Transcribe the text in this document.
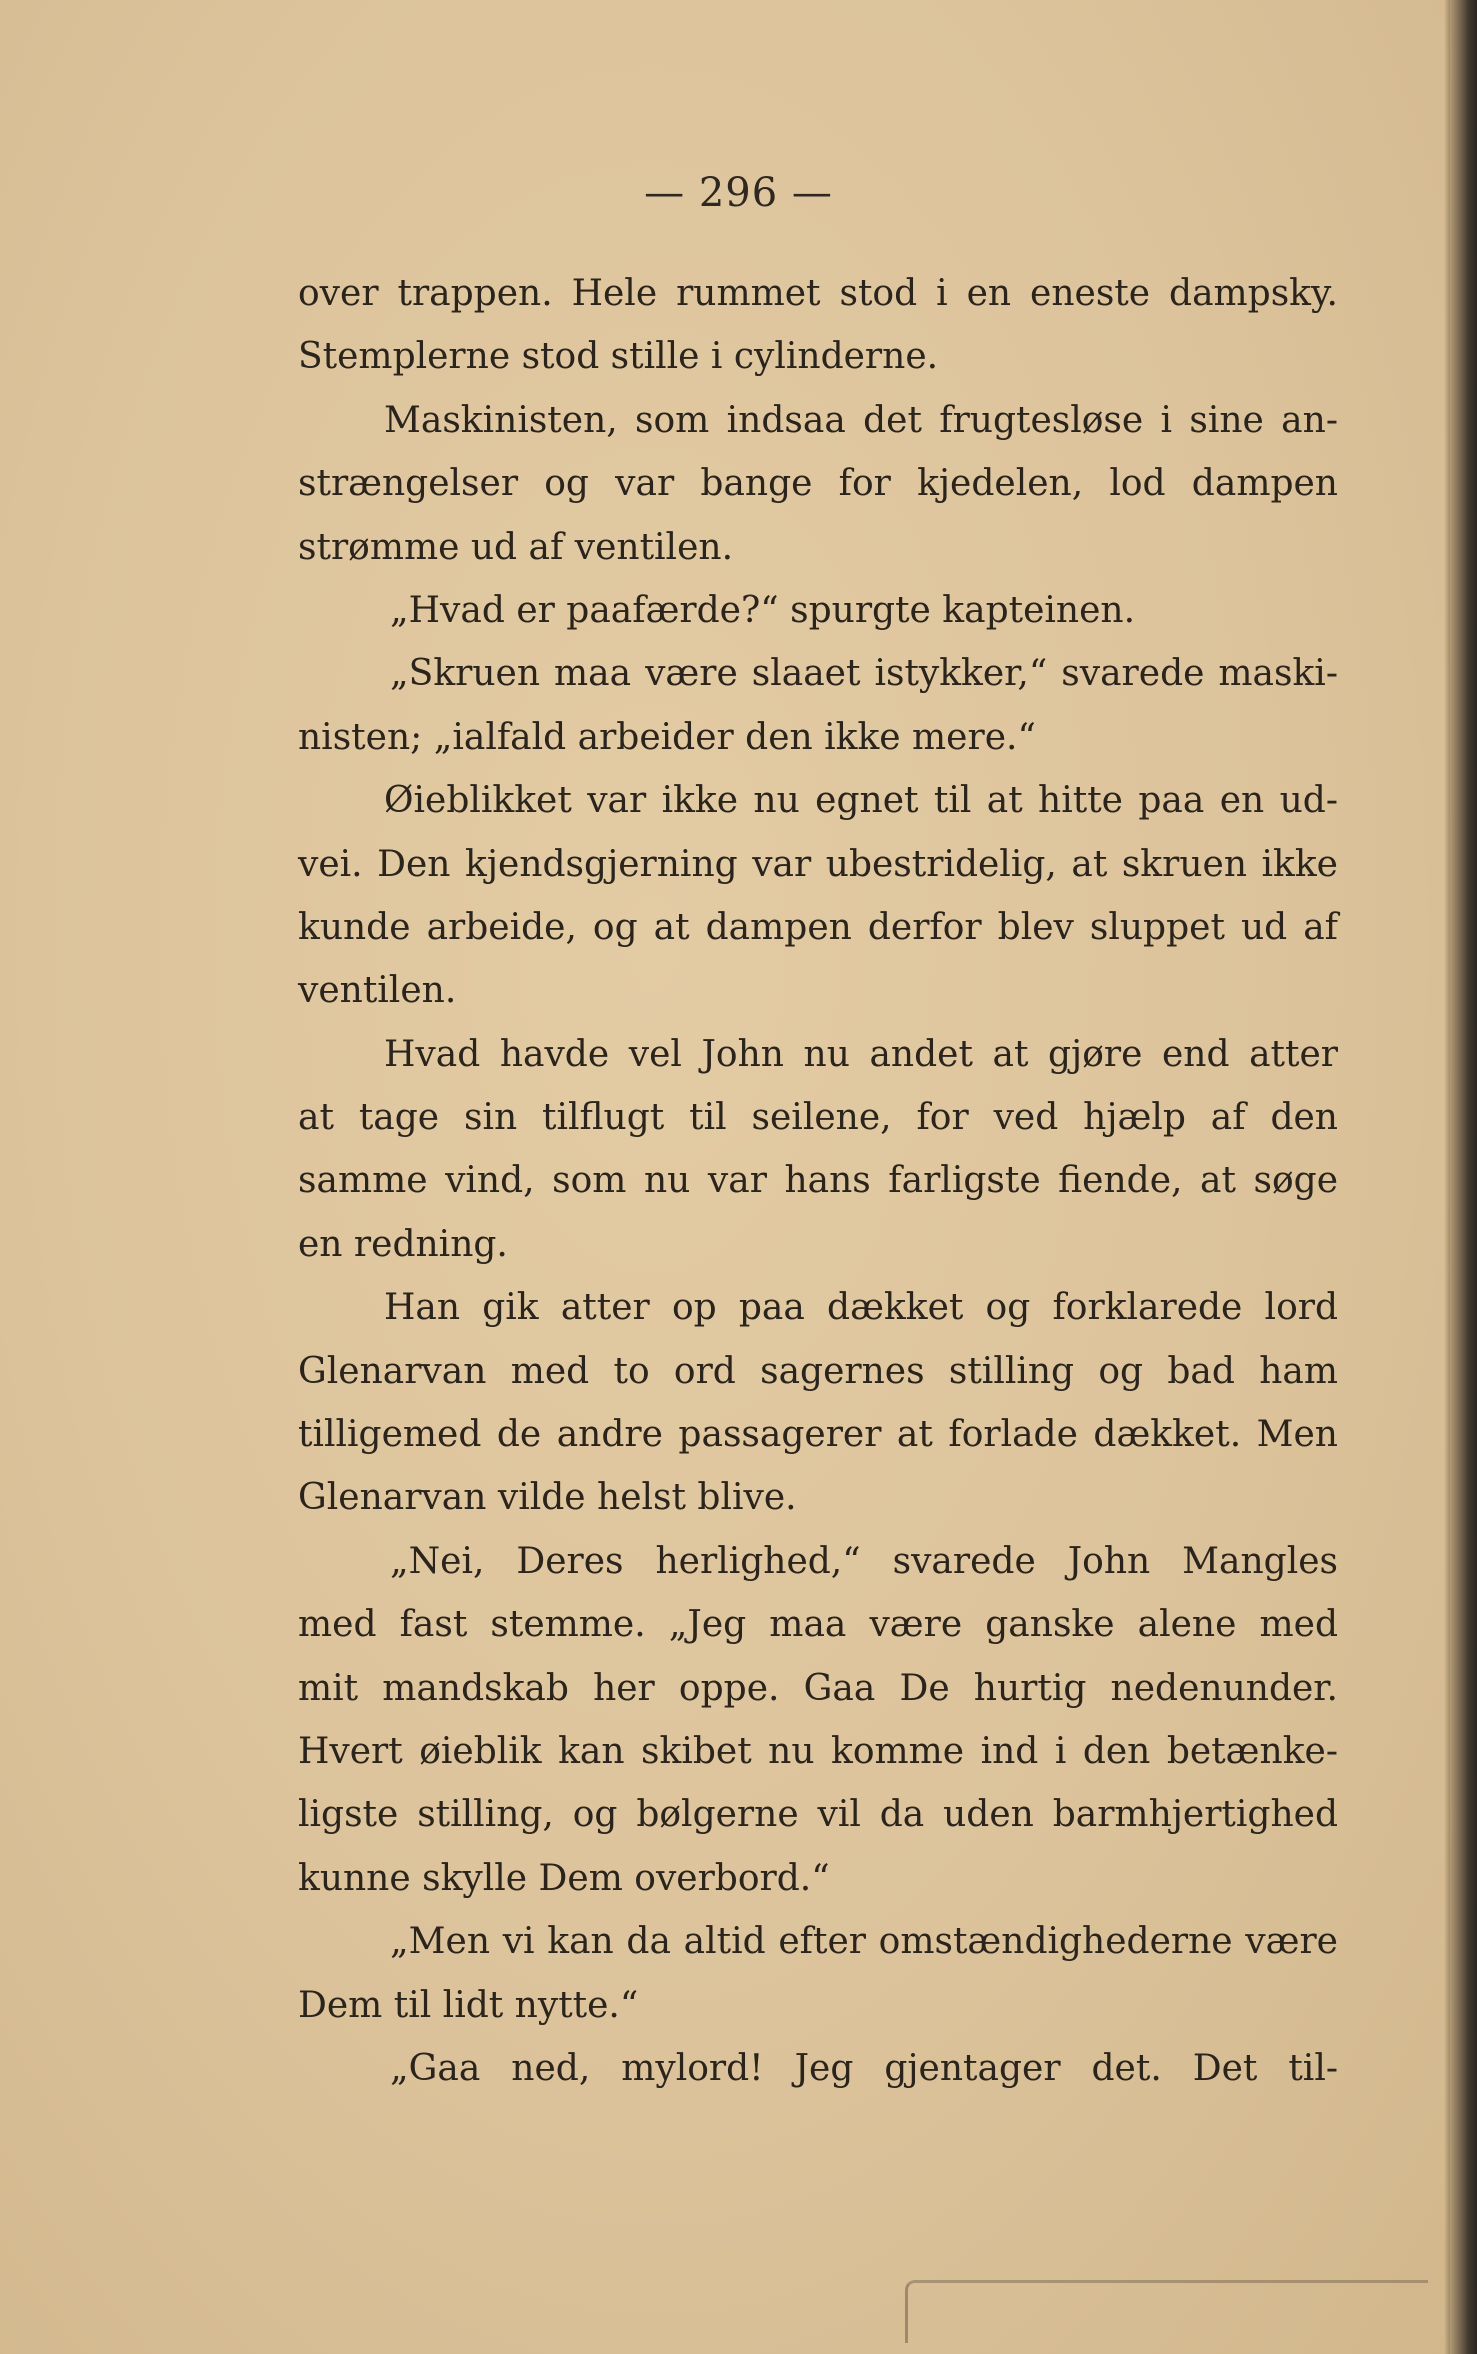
— 296 —
over trappen. Hele rummet stod i en eneste dampsky.
Stemplerne stod stille i cylinderne.
Maskinisten, som indsaa det frugtesløse i sine an-
strængelser og var bange for kjedelen, lod dampen
strømme ud af ventilen.
„Hvad er paafærde?“ spurgte kapteinen.
„Skruen maa være slaaet istykker,“ svarede maski-
nisten; „ialfald arbeider den ikke mere.“
Øieblikket var ikke nu egnet til at hitte paa en ud-
vei. Den kjendsgjerning var ubestridelig, at skruen ikke
kunde arbeide, og at dampen derfor blev sluppet ud af
ventilen.
Hvad havde vel John nu andet at gjøre end atter
at tage sin tilflugt til seilene, for ved hjælp af den
samme vind, som nu var hans farligste fiende, at søge
en redning.
Han gik atter op paa dækket og forklarede lord
Glenarvan med to ord sagernes stilling og bad ham
tilligemed de andre passagerer at forlade dækket. Men
Glenarvan vilde helst blive.
„Nei, Deres herlighed,“ svarede John Mangles
med fast stemme. „Jeg maa være ganske alene med
mit mandskab her oppe. Gaa De hurtig nedenunder.
Hvert øieblik kan skibet nu komme ind i den betænke-
ligste stilling, og bølgerne vil da uden barmhjertighed
kunne skylle Dem overbord.“
„Men vi kan da altid efter omstændighederne være
Dem til lidt nytte.“
„Gaa ned, mylord! Jeg gjentager det. Det til-
